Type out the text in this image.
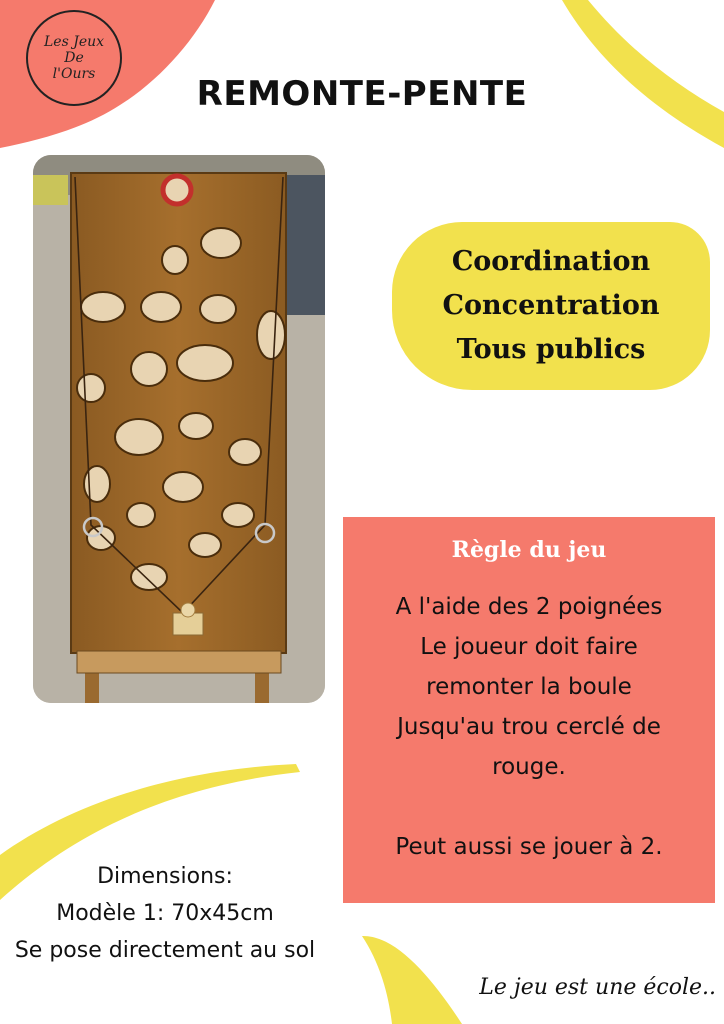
Les Jeux
De
l'Ours	REMONTE-PENTE
Coordination
Concentration
Tous publics
Règle du jeu
A l'aide des 2 poignées
Le joueur doit faire
remonter la boule
Jusqu'au trou cerclé de
rouge.
Peut aussi se jouer à 2.
Dimensions:
Modèle 1: 70x45cm
Se pose directement au sol
Le jeu est une école..
